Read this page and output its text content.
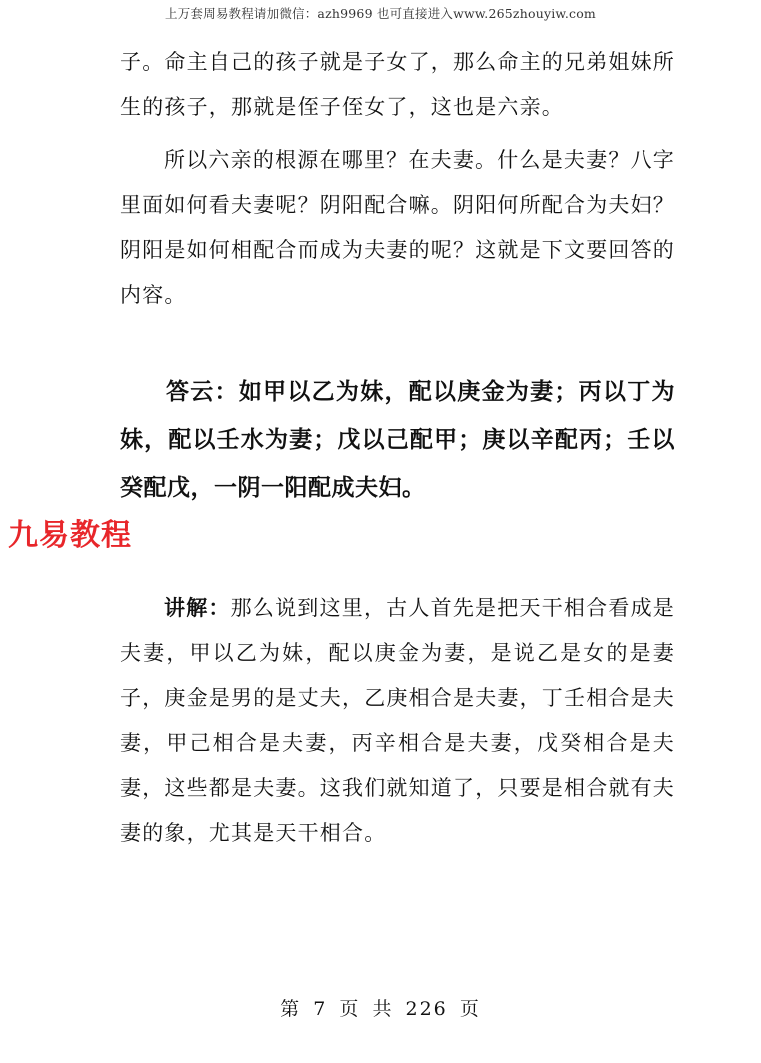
上万套周易教程请加微信：azh9969 也可直接进入www.265zhouyiw.com

子。命主自己的孩子就是子女了，那么命主的兄弟姐妹所生的孩子，那就是侄子侄女了，这也是六亲。

所以六亲的根源在哪里？在夫妻。什么是夫妻？八字里面如何看夫妻呢？阴阳配合嘛。阴阳何所配合为夫妇？阴阳是如何相配合而成为夫妻的呢？这就是下文要回答的内容。

答云：如甲以乙为妹，配以庚金为妻；丙以丁为妹，配以壬水为妻；戊以己配甲；庚以辛配丙；壬以癸配戊，一阴一阳配成夫妇。

讲解：那么说到这里，古人首先是把天干相合看成是夫妻，甲以乙为妹，配以庚金为妻，是说乙是女的是妻子，庚金是男的是丈夫，乙庚相合是夫妻，丁壬相合是夫妻，甲己相合是夫妻，丙辛相合是夫妻，戊癸相合是夫妻，这些都是夫妻。这我们就知道了，只要是相合就有夫妻的象，尤其是天干相合。

九易教程
第 7 页 共 226 页
